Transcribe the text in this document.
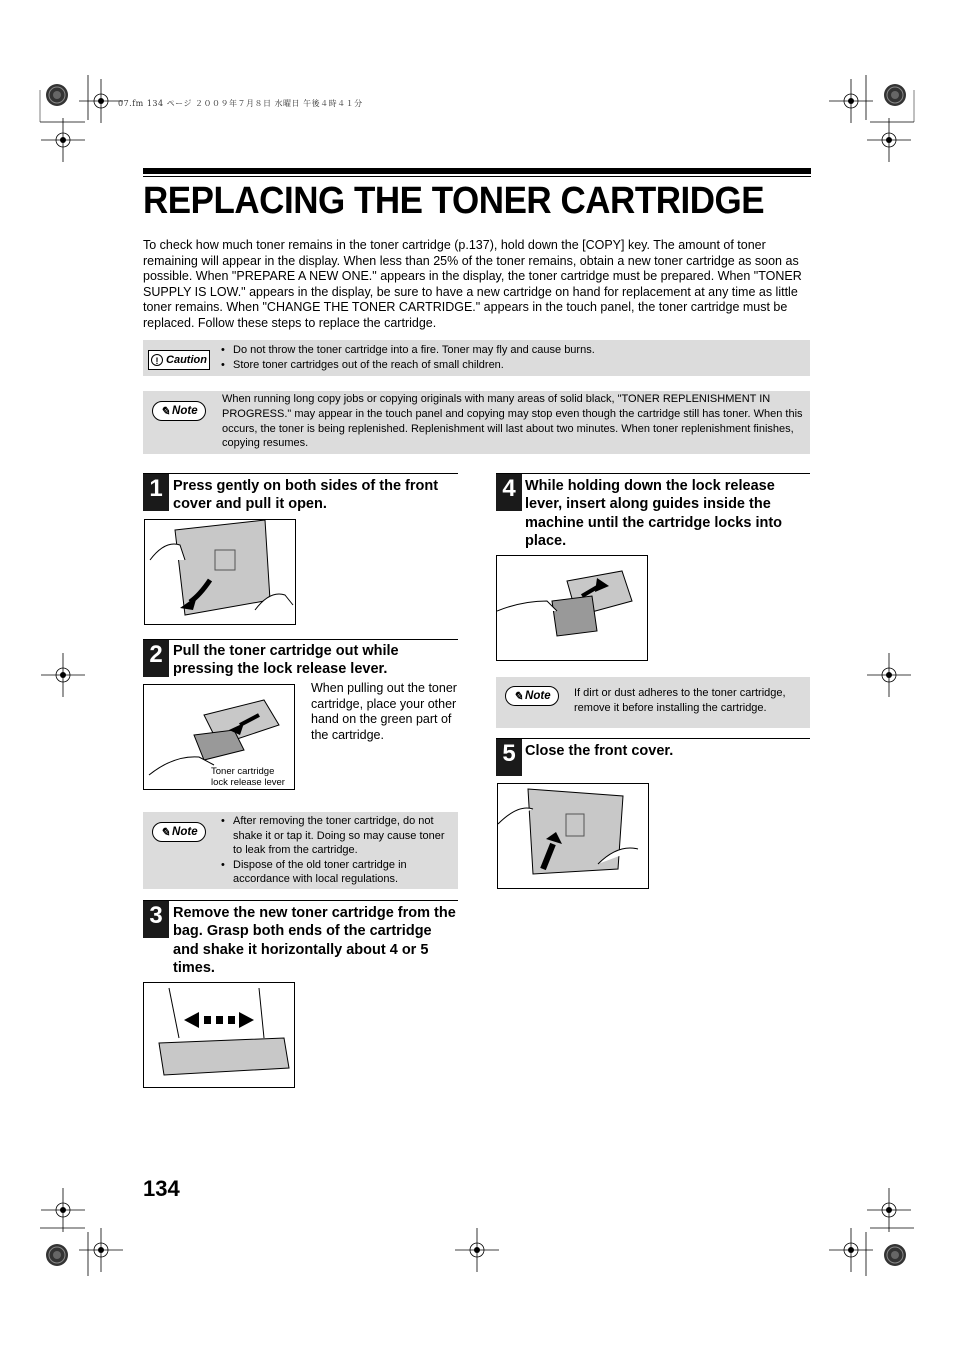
07.fm 134 ページ ２００９年７月８日 水曜日 午後４時４１分
REPLACING THE TONER CARTRIDGE
To check how much toner remains in the toner cartridge (p.137), hold down the [COPY] key. The amount of toner remaining will appear in the display. When less than 25% of the toner remains, obtain a new toner cartridge as soon as possible. When "PREPARE A NEW ONE." appears in the display, the toner cartridge must be prepared. When "TONER SUPPLY IS LOW." appears in the display, be sure to have a new cartridge on hand for replacement at any time as little toner remains. When "CHANGE THE TONER CARTRIDGE." appears in the touch panel, the toner cartridge must be replaced. Follow these steps to replace the cartridge.
! Caution
• Do not throw the toner cartridge into a fire. Toner may fly and cause burns.
• Store toner cartridges out of the reach of small children.
✎ Note
When running long copy jobs or copying originals with many areas of solid black, "TONER REPLENISHMENT IN PROGRESS." may appear in the touch panel and copying may stop even though the cartridge still has toner. When this occurs, the toner is being replenished. Replenishment will last about two minutes. When toner replenishment finishes, copying resumes.
1 Press gently on both sides of the front cover and pull it open.
2 Pull the toner cartridge out while pressing the lock release lever.
Toner cartridge
lock release lever
When pulling out the toner cartridge, place your other hand on the green part of the cartridge.
✎ Note
• After removing the toner cartridge, do not shake it or tap it. Doing so may cause toner to leak from the cartridge.
• Dispose of the old toner cartridge in accordance with local regulations.
3 Remove the new toner cartridge from the bag. Grasp both ends of the cartridge and shake it horizontally about 4 or 5 times.
4 While holding down the lock release lever, insert along guides inside the machine until the cartridge locks into place.
✎ Note If dirt or dust adheres to the toner cartridge, remove it before installing the cartridge.
5 Close the front cover.
134
